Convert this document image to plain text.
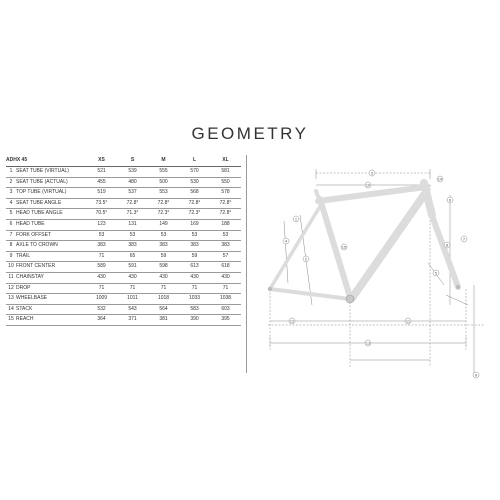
GEOMETRY
ADHX 45		XS	S	M	L	XL
1	SEAT TUBE (VIRTUAL)	521	539	555	570	581
2	SEAT TUBE (ACTUAL)	455	480	500	530	550
3	TOP TUBE (VIRTUAL)	519	537	553	568	578
4	SEAT TUBE ANGLE	73.5°	72.8°	72.8°	72.8°	72.8°
5	HEAD TUBE ANGLE	70.5°	71.3°	72.3°	72.3°	72.8°
6	HEAD TUBE	123	131	149	169	188
7	FORK OFFSET	53	53	53	53	53
8	AXLE TO CROWN	383	383	383	383	383
9	TRAIL	71	65	59	59	57
10	FRONT CENTER	589	591	598	613	618
11	CHAINSTAY	430	430	430	430	430
12	DROP	71	71	71	71	71
13	WHEELBASE	1009	1011	1018	1033	1038
14	STACK	532	543	564	583	603
15	REACH	364	371	381	390	395
3
10
14
6
7
8
15
1
2
4
5
12	11
13
9
